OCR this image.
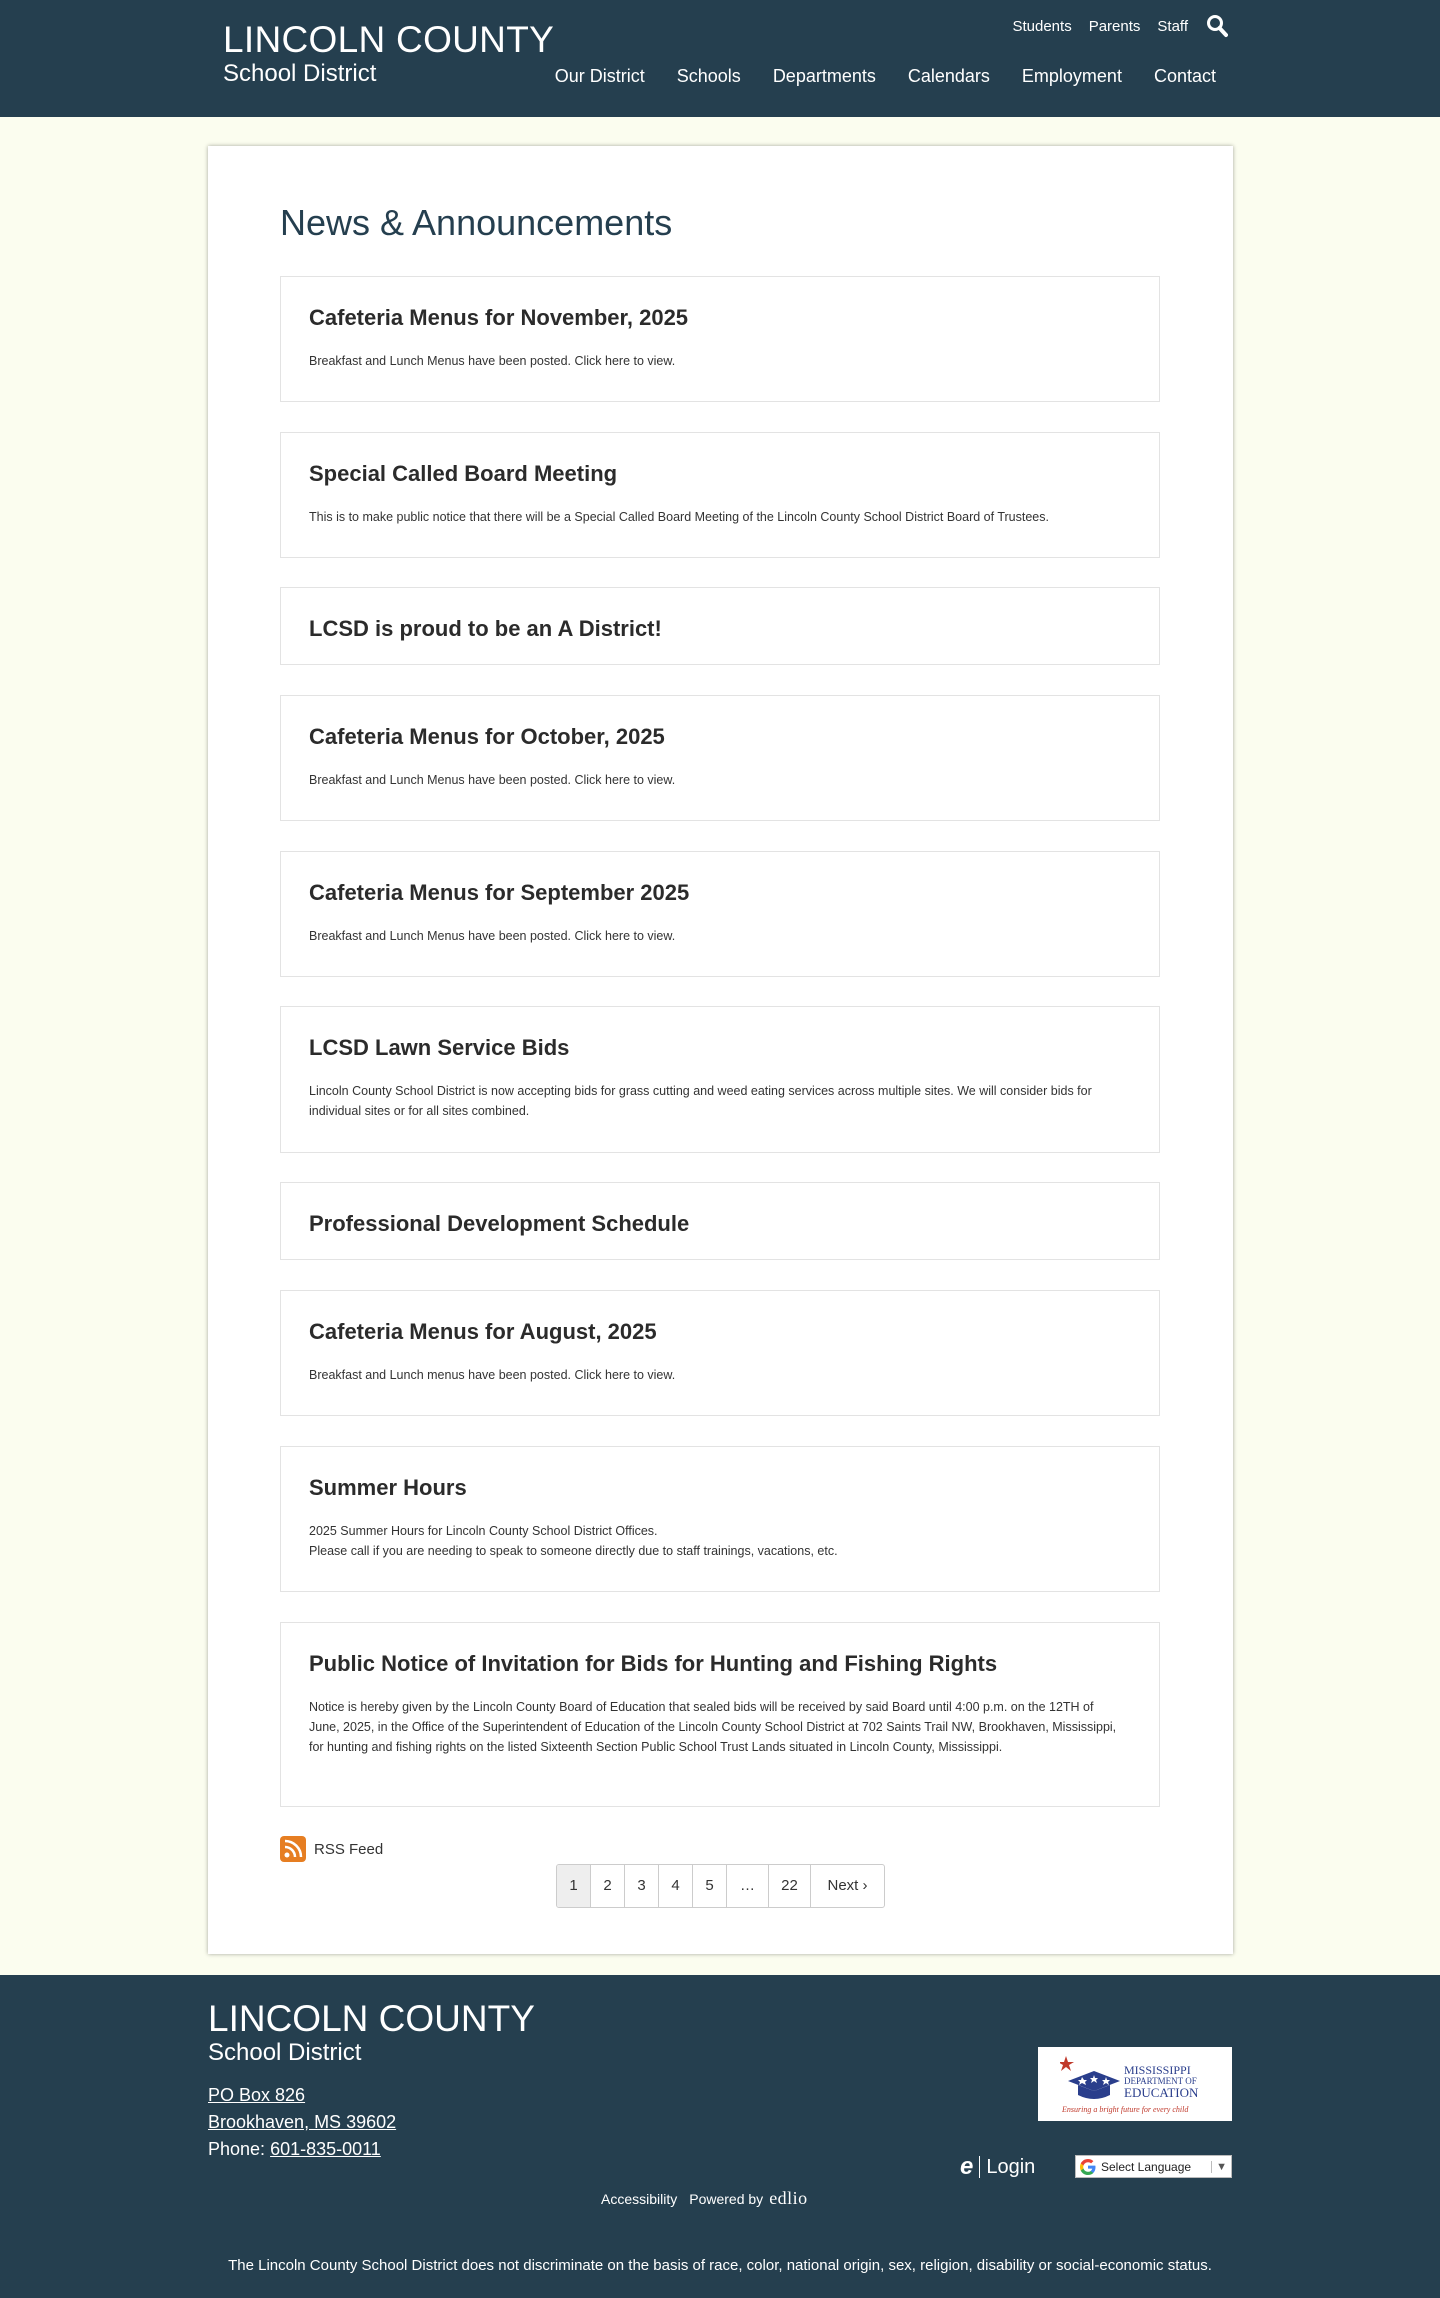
LINCOLN COUNTY
School District
Students Parents Staff
Our District Schools Departments Calendars Employment Contact
News & Announcements
Cafeteria Menus for November, 2025

Breakfast and Lunch Menus have been posted. Click here to view.

Special Called Board Meeting

This is to make public notice that there will be a Special Called Board Meeting of the Lincoln County School District Board of Trustees.

LCSD is proud to be an A District!
Cafeteria Menus for October, 2025

Breakfast and Lunch Menus have been posted. Click here to view.

Cafeteria Menus for September 2025

Breakfast and Lunch Menus have been posted. Click here to view.

LCSD Lawn Service Bids

Lincoln County School District is now accepting bids for grass cutting and weed eating services across multiple sites. We will consider bids for individual sites or for all sites combined.

Professional Development Schedule
Cafeteria Menus for August, 2025

Breakfast and Lunch menus have been posted. Click here to view.

Summer Hours

2025 Summer Hours for Lincoln County School District Offices.
Please call if you are needing to speak to someone directly due to staff trainings, vacations, etc.

Public Notice of Invitation for Bids for Hunting and Fishing Rights

Notice is hereby given by the Lincoln County Board of Education that sealed bids will be received by said Board until 4:00 p.m. on the 12TH of June, 2025, in the Office of the Superintendent of Education of the Lincoln County School District at 702 Saints Trail NW, Brookhaven, Mississippi, for hunting and fishing rights on the listed Sixteenth Section Public School Trust Lands situated in Lincoln County, Mississippi.

RSS Feed
1	2	3	4	5	…	22	Next ›
LINCOLN COUNTY
School District
PO Box 826
Brookhaven, MS 39602
Phone: 601-835-0011
MISSISSIPPI
DEPARTMENT OF
EDUCATION
Ensuring a bright future for every child
e Login	Select Language	▼
Accessibility Powered by edlio
The Lincoln County School District does not discriminate on the basis of race, color, national origin, sex, religion, disability or social-economic status.
